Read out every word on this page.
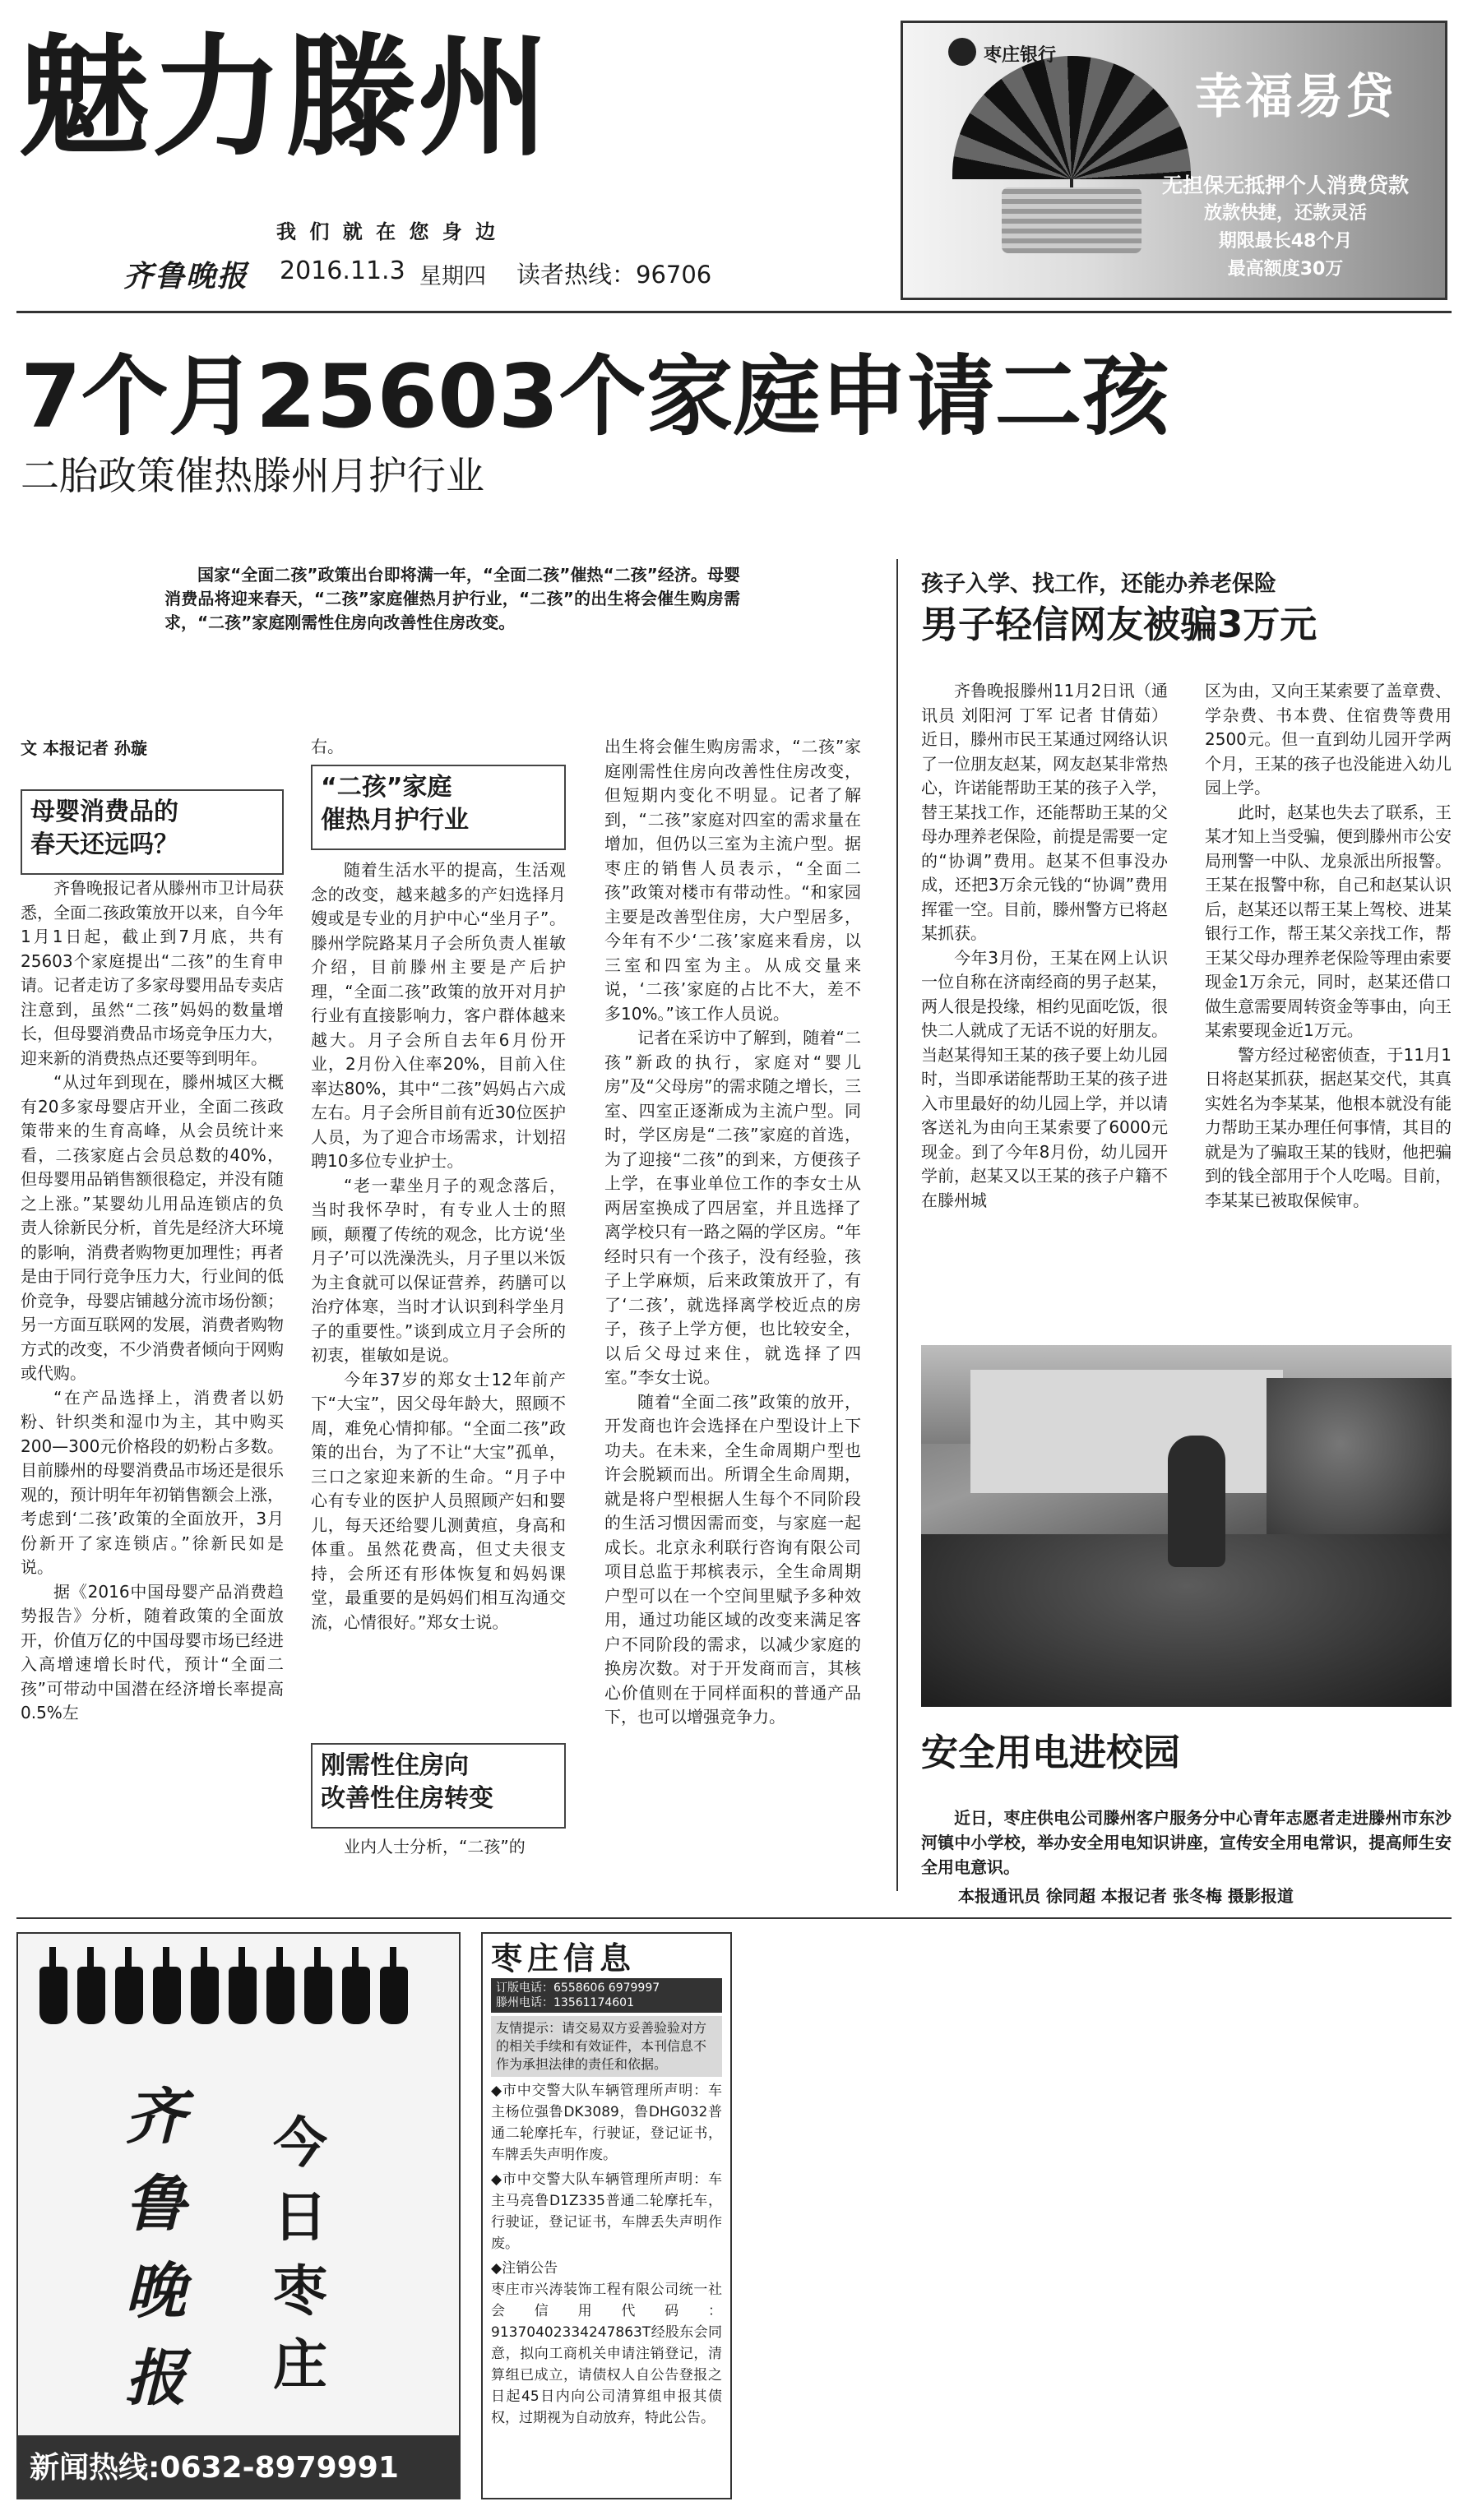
魅力滕州
我 们 就 在 您 身 边
齐鲁晚报 2016.11.3 星期四 读者热线：96706
枣庄银行
幸福易贷
无担保无抵押个人消费贷款
放款快捷，还款灵活
期限最长48个月
最高额度30万
7个月25603个家庭申请二孩
二胎政策催热滕州月护行业
国家“全面二孩”政策出台即将满一年，“全面二孩”催热“二孩”经济。母婴消费品将迎来春天，“二孩”家庭催热月护行业，“二孩”的出生将会催生购房需求，“二孩”家庭刚需性住房向改善性住房改变。
文 本报记者 孙璇
母婴消费品的
春天还远吗？

齐鲁晚报记者从滕州市卫计局获悉，全面二孩政策放开以来，自今年1月1日起，截止到7月底，共有25603个家庭提出“二孩”的生育申请。记者走访了多家母婴用品专卖店注意到，虽然“二孩”妈妈的数量增长，但母婴消费品市场竞争压力大，迎来新的消费热点还要等到明年。

“从过年到现在，滕州城区大概有20多家母婴店开业，全面二孩政策带来的生育高峰，从会员统计来看，二孩家庭占会员总数的40%，但母婴用品销售额很稳定，并没有随之上涨。”某婴幼儿用品连锁店的负责人徐新民分析，首先是经济大环境的影响，消费者购物更加理性；再者是由于同行竞争压力大，行业间的低价竞争，母婴店铺越分流市场份额；另一方面互联网的发展，消费者购物方式的改变，不少消费者倾向于网购或代购。

“在产品选择上，消费者以奶粉、针织类和湿巾为主，其中购买200—300元价格段的奶粉占多数。目前滕州的母婴消费品市场还是很乐观的，预计明年年初销售额会上涨，考虑到‘二孩’政策的全面放开，3月份新开了家连锁店。”徐新民如是说。

据《2016中国母婴产品消费趋势报告》分析，随着政策的全面放开，价值万亿的中国母婴市场已经进入高增速增长时代，预计“全面二孩”可带动中国潜在经济增长率提高0.5%左

右。

“二孩”家庭
催热月护行业

随着生活水平的提高，生活观念的改变，越来越多的产妇选择月嫂或是专业的月护中心“坐月子”。滕州学院路某月子会所负责人崔敏介绍，目前滕州主要是产后护理，“全面二孩”政策的放开对月护行业有直接影响力，客户群体越来越大。月子会所自去年6月份开业，2月份入住率20%，目前入住率达80%，其中“二孩”妈妈占六成左右。月子会所目前有近30位医护人员，为了迎合市场需求，计划招聘10多位专业护士。

“老一辈坐月子的观念落后，当时我怀孕时，有专业人士的照顾，颠覆了传统的观念，比方说‘坐月子’可以洗澡洗头，月子里以米饭为主食就可以保证营养，药膳可以治疗体寒，当时才认识到科学坐月子的重要性。”谈到成立月子会所的初衷，崔敏如是说。

今年37岁的郑女士12年前产下“大宝”，因父母年龄大，照顾不周，难免心情抑郁。“全面二孩”政策的出台，为了不让“大宝”孤单，三口之家迎来新的生命。“月子中心有专业的医护人员照顾产妇和婴儿，每天还给婴儿测黄疸，身高和体重。虽然花费高，但丈夫很支持，会所还有形体恢复和妈妈课堂，最重要的是妈妈们相互沟通交流，心情很好。”郑女士说。

刚需性住房向
改善性住房转变

业内人士分析，“二孩”的

出生将会催生购房需求，“二孩”家庭刚需性住房向改善性住房改变，但短期内变化不明显。记者了解到，“二孩”家庭对四室的需求量在增加，但仍以三室为主流户型。据枣庄的销售人员表示，“全面二孩”政策对楼市有带动性。“和家园主要是改善型住房，大户型居多，今年有不少‘二孩’家庭来看房，以三室和四室为主。从成交量来说，‘二孩’家庭的占比不大，差不多10%。”该工作人员说。

记者在采访中了解到，随着“二孩”新政的执行，家庭对“婴儿房”及“父母房”的需求随之增长，三室、四室正逐渐成为主流户型。同时，学区房是“二孩”家庭的首选，为了迎接“二孩”的到来，方便孩子上学，在事业单位工作的李女士从两居室换成了四居室，并且选择了离学校只有一路之隔的学区房。“年经时只有一个孩子，没有经验，孩子上学麻烦，后来政策放开了，有了‘二孩’，就选择离学校近点的房子，孩子上学方便，也比较安全，以后父母过来住，就选择了四室。”李女士说。

随着“全面二孩”政策的放开，开发商也许会选择在户型设计上下功夫。在未来，全生命周期户型也许会脱颖而出。所谓全生命周期，就是将户型根据人生每个不同阶段的生活习惯因需而变，与家庭一起成长。北京永利联行咨询有限公司项目总监于邦槟表示，全生命周期户型可以在一个空间里赋予多种效用，通过功能区域的改变来满足客户不同阶段的需求，以减少家庭的换房次数。对于开发商而言，其核心价值则在于同样面积的普通产品下，也可以增强竞争力。

孩子入学、找工作，还能办养老保险
男子轻信网友被骗3万元

齐鲁晚报滕州11月2日讯（通讯员 刘阳河 丁军 记者 甘倩茹） 近日，滕州市民王某通过网络认识了一位朋友赵某，网友赵某非常热心，许诺能帮助王某的孩子入学，替王某找工作，还能帮助王某的父母办理养老保险，前提是需要一定的“协调”费用。赵某不但事没办成，还把3万余元钱的“协调”费用挥霍一空。目前，滕州警方已将赵某抓获。

今年3月份，王某在网上认识一位自称在济南经商的男子赵某，两人很是投缘，相约见面吃饭，很快二人就成了无话不说的好朋友。当赵某得知王某的孩子要上幼儿园时，当即承诺能帮助王某的孩子进入市里最好的幼儿园上学，并以请客送礼为由向王某索要了6000元现金。到了今年8月份，幼儿园开学前，赵某又以王某的孩子户籍不在滕州城

区为由，又向王某索要了盖章费、学杂费、书本费、住宿费等费用2500元。但一直到幼儿园开学两个月，王某的孩子也没能进入幼儿园上学。

此时，赵某也失去了联系，王某才知上当受骗，便到滕州市公安局刑警一中队、龙泉派出所报警。王某在报警中称，自己和赵某认识后，赵某还以帮王某上驾校、进某银行工作，帮王某父亲找工作，帮王某父母办理养老保险等理由索要现金1万余元，同时，赵某还借口做生意需要周转资金等事由，向王某索要现金近1万元。

警方经过秘密侦查，于11月1日将赵某抓获，据赵某交代，其真实姓名为李某某，他根本就没有能力帮助王某办理任何事情，其目的就是为了骗取王某的钱财，他把骗到的钱全部用于个人吃喝。目前，李某某已被取保候审。

安全用电进校园
近日，枣庄供电公司滕州客户服务分中心青年志愿者走进滕州市东沙河镇中小学校，举办安全用电知识讲座，宣传安全用电常识，提高师生安全用电意识。
本报通讯员 徐同超 本报记者 张冬梅 摄影报道
齐鲁晚报
今日枣庄
新闻热线:0632-8979991
枣庄信息
订版电话：6558606 6979997
滕州电话：13561174601
友情提示：请交易双方妥善验验对方的相关手续和有效证件，本刊信息不作为承担法律的责任和依据。
◆市中交警大队车辆管理所声明：车主杨位强鲁DK3089，鲁DHG032普通二轮摩托车，行驶证，登记证书，车牌丢失声明作废。
◆市中交警大队车辆管理所声明：车主马亮鲁D1Z335普通二轮摩托车，行驶证，登记证书，车牌丢失声明作废。
◆注销公告
枣庄市兴涛装饰工程有限公司统一社会信用代码：91370402334247863T经股东会同意，拟向工商机关申请注销登记，清算组已成立，请债权人自公告登报之日起45日内向公司清算组申报其债权，过期视为自动放弃，特此公告。
